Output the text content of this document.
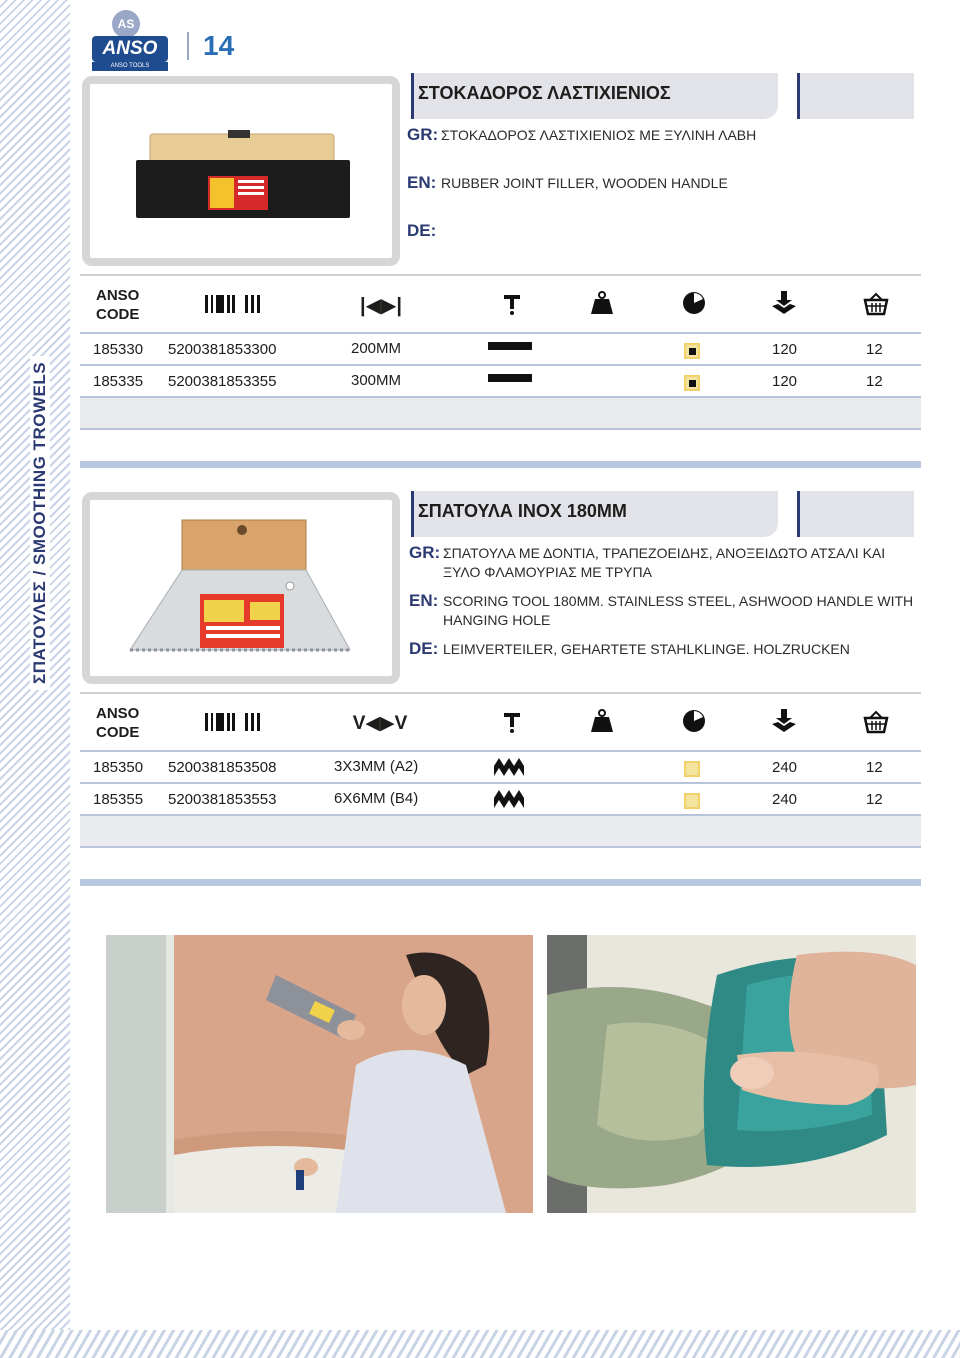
ΣΠΑΤΟΥΛΕΣ / SMOOTHING TROWELS
AS
ANSO
ANSO TOOLS
14
ΣΤΟΚΑΔΟΡΟΣ ΛΑΣΤΙΧΙΕΝΙΟΣ
GR: ΣΤΟΚΑΔΟΡΟΣ ΛΑΣΤΙΧΙΕΝΙΟΣ ΜΕ ΞΥΛΙΝΗ ΛΑΒΗ
EN: RUBBER JOINT FILLER, WOODEN HANDLE
DE:
ANSO
CODE	|◀▶|
185330 5200381853300	200MM	120	12
185335 5200381853355	300MM	120	12
ΣΠΑΤΟΥΛΑ INOX 180MM
GR: ΣΠΑΤΟΥΛΑ ΜΕ ΔΟΝΤΙΑ, ΤΡΑΠΕΖΟΕΙΔΗΣ, ΑΝΟΞΕΙΔΩΤΟ ΑΤΣΑΛΙ ΚΑΙ ΞΥΛΟ ΦΛΑΜΟΥΡΙΑΣ ΜΕ ΤΡΥΠΑ
EN: SCORING TOOL 180MM. STAINLESS STEEL, ASHWOOD HANDLE WITH HANGING HOLE
DE: LEIMVERTEILER, GEHARTETE STAHLKLINGE. HOLZRUCKEN
ANSO
CODE	V◀▶V
185350 5200381853508	3X3MM (A2)	240	12
185355 5200381853553	6X6MM (B4)	240	12
